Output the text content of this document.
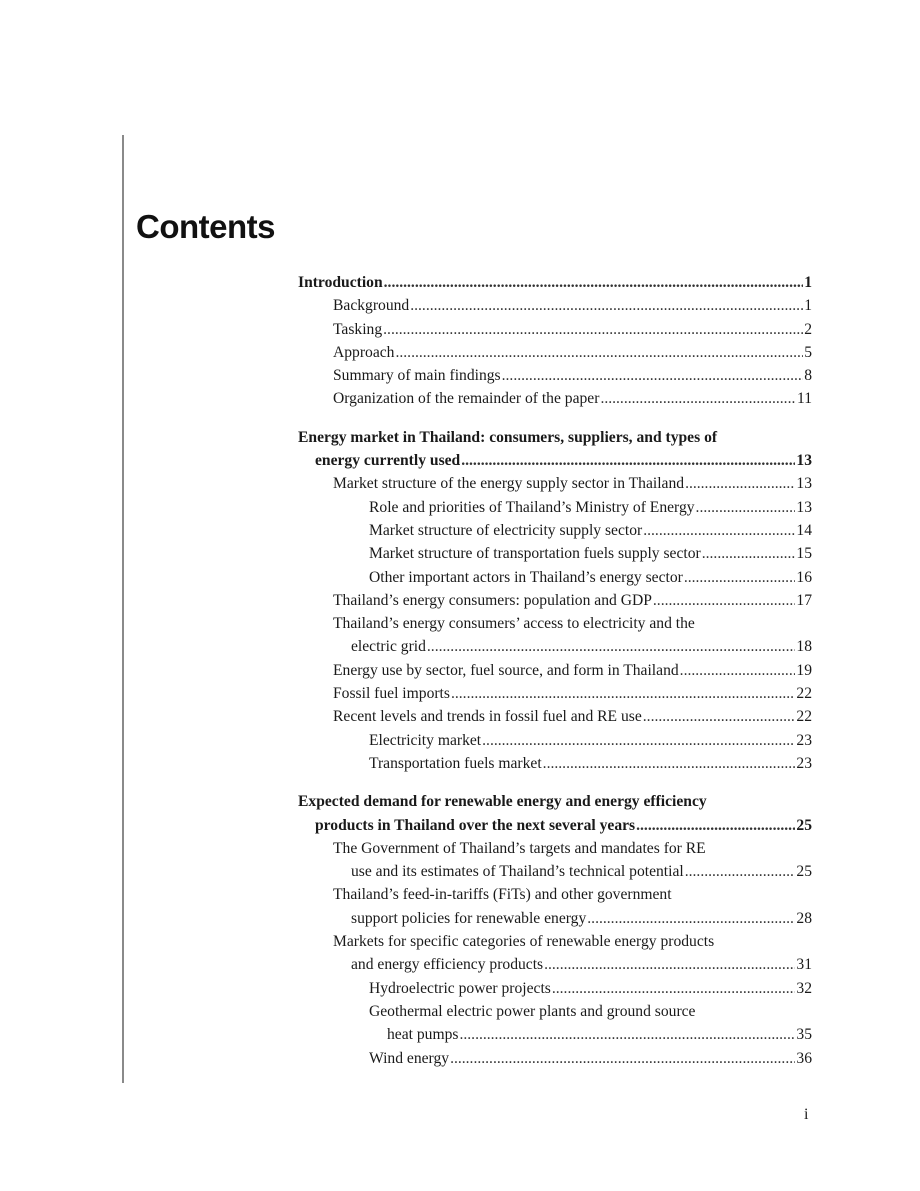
Contents
Introduction .....	1
Background .....	1
Tasking .....	2
Approach .....	5
Summary of main findings .....	8
Organization of the remainder of the paper .....	11
Energy market in Thailand: consumers, suppliers, and types of
energy currently used .....	13
Market structure of the energy supply sector in Thailand .....	13
Role and priorities of Thailand’s Ministry of Energy .....	13
Market structure of electricity supply sector .....	14
Market structure of transportation fuels supply sector .....	15
Other important actors in Thailand’s energy sector .....	16
Thailand’s energy consumers: population and GDP .....	17
Thailand’s energy consumers’ access to electricity and the
electric grid .....	18
Energy use by sector, fuel source, and form in Thailand .....	19
Fossil fuel imports .....	22
Recent levels and trends in fossil fuel and RE use .....	22
Electricity market .....	23
Transportation fuels market .....	23
Expected demand for renewable energy and energy efficiency
products in Thailand over the next several years .....	25
The Government of Thailand’s targets and mandates for RE
use and its estimates of Thailand’s technical potential .....	25
Thailand’s feed-in-tariffs (FiTs) and other government
support policies for renewable energy .....	28
Markets for specific categories of renewable energy products
and energy efficiency products .....	31
Hydroelectric power projects .....	32
Geothermal electric power plants and ground source
heat pumps .....	35
Wind energy .....	36
i
